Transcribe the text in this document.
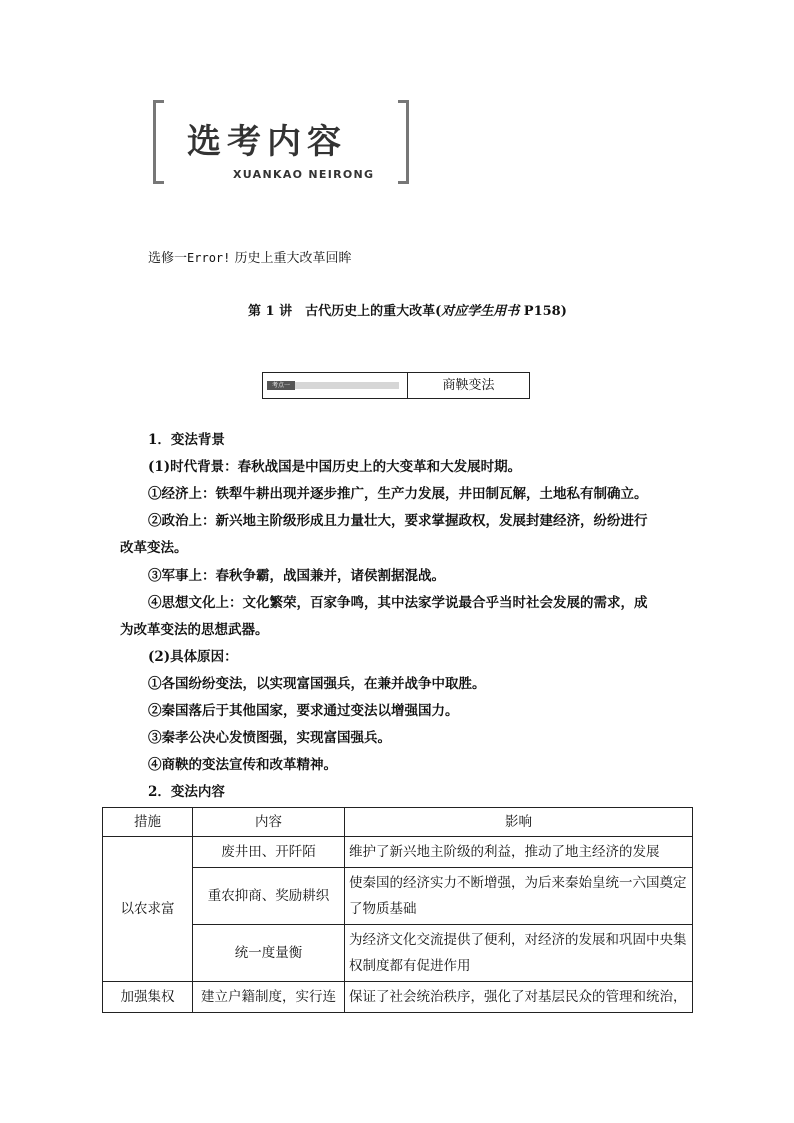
选考内容
XUANKAO NEIRONG
选修一Error! 历史上重大改革回眸
第 1 讲　古代历史上的重大改革(对应学生用书 P158)
考点一	商鞅变法
1．变法背景
(1)时代背景：春秋战国是中国历史上的大变革和大发展时期。
①经济上：铁犁牛耕出现并逐步推广，生产力发展，井田制瓦解，土地私有制确立。
②政治上：新兴地主阶级形成且力量壮大，要求掌握政权，发展封建经济，纷纷进行
改革变法。
③军事上：春秋争霸，战国兼并，诸侯割据混战。
④思想文化上：文化繁荣，百家争鸣，其中法家学说最合乎当时社会发展的需求，成
为改革变法的思想武器。
(2)具体原因：
①各国纷纷变法，以实现富国强兵，在兼并战争中取胜。
②秦国落后于其他国家，要求通过变法以增强国力。
③秦孝公决心发愤图强，实现富国强兵。
④商鞅的变法宣传和改革精神。
2．变法内容
措施	内容	影响
以农求富	废井田、开阡陌	维护了新兴地主阶级的利益，推动了地主经济的发展
	重农抑商、奖励耕织	使秦国的经济实力不断增强，为后来秦始皇统一六国奠定了物质基础
	统一度量衡	为经济文化交流提供了便利，对经济的发展和巩固中央集权制度都有促进作用
加强集权	建立户籍制度，实行连	保证了社会统治秩序，强化了对基层民众的管理和统治，
